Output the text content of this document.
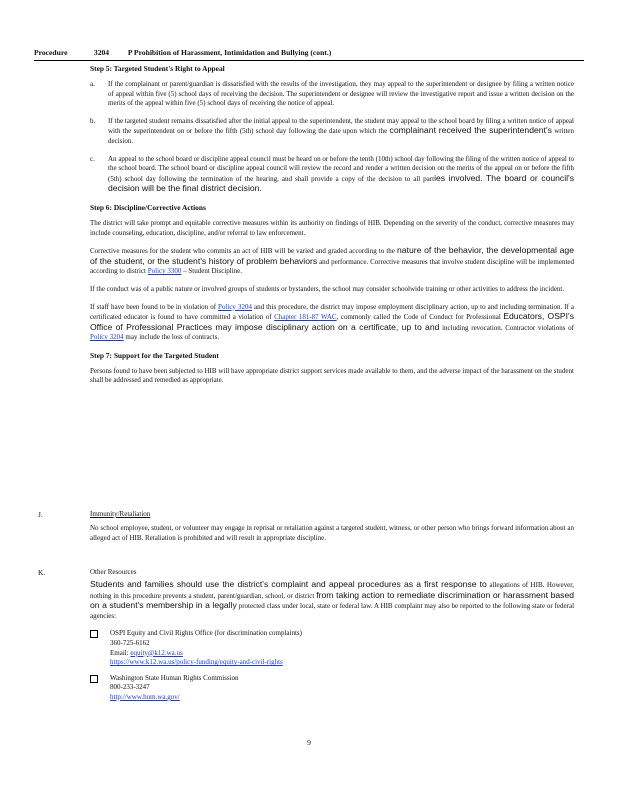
Procedure	3204 P Prohibition of Harassment, Intimidation and Bullying (cont.)
Step 5: Targeted Student's Right to Appeal
a. If the complainant or parent/guardian is dissatisfied with the results of the investigation, they may appeal to the superintendent or designee by filing a written notice of appeal within five (5) school days of receiving the decision. The superintendent or designee will review the investigative report and issue a written decision on the merits of the appeal within five (5) school days of receiving the notice of appeal.
b. If the targeted student remains dissatisfied after the initial appeal to the superintendent, the student may appeal to the school board by filing a written notice of appeal with the superintendent on or before the fifth (5th) school day following the date upon which the complainant received the superintendent's written decision.
c. An appeal to the school board or discipline appeal council must be heard on or before the tenth (10th) school day following the filing of the written notice of appeal to the school board. The school board or discipline appeal council will review the record and render a written decision on the merits of the appeal on or before the fifth (5th) school day following the termination of the hearing, and shall provide a copy of the decision to all parties involved. The board or council's decision will be the final district decision.
Step 6: Discipline/Corrective Actions
The district will take prompt and equitable corrective measures within its authority on findings of HIB. Depending on the severity of the conduct, corrective measures may include counseling, education, discipline, and/or referral to law enforcement.
Corrective measures for the student who commits an act of HIB will be varied and graded according to the nature of the behavior, the developmental age of the student, or the student's history of problem behaviors and performance. Corrective measures that involve student discipline will be implemented according to district Policy 3300 – Student Discipline.
If the conduct was of a public nature or involved groups of students or bystanders, the school may consider schoolwide training or other activities to address the incident.
If staff have been found to be in violation of Policy 3204 and this procedure, the district may impose employment disciplinary action, up to and including termination. If a certificated educator is found to have committed a violation of Chapter 181-87 WAC, commonly called the Code of Conduct for Professional Educators, OSPI's Office of Professional Practices may impose disciplinary action on a certificate, up to and including revocation. Contractor violations of Policy 3204 may include the loss of contracts.
Step 7: Support for the Targeted Student
Persons found to have been subjected to HIB will have appropriate district support services made available to them, and the adverse impact of the harassment on the student shall be addressed and remedied as appropriate.
J.	Immunity/Retaliation
No school employee, student, or volunteer may engage in reprisal or retaliation against a targeted student, witness, or other person who brings forward information about an alleged act of HIB. Retaliation is prohibited and will result in appropriate discipline.
K.	Other Resources
Students and families should use the district's complaint and appeal procedures as a first response to allegations of HIB. However, nothing in this procedure prevents a student, parent/guardian, school, or district from taking action to remediate discrimination or harassment based on a student's membership in a legally protected class under local, state or federal law. A HIB complaint may also be reported to the following state or federal agencies:
OSPI Equity and Civil Rights Office (for discrimination complaints)
360-725-6162
Email: equity@k12.wa.us
https://www.k12.wa.us/policy-funding/equity-and-civil-rights
Washington State Human Rights Commission
800-233-3247
http://www.hum.wa.gov/
9
